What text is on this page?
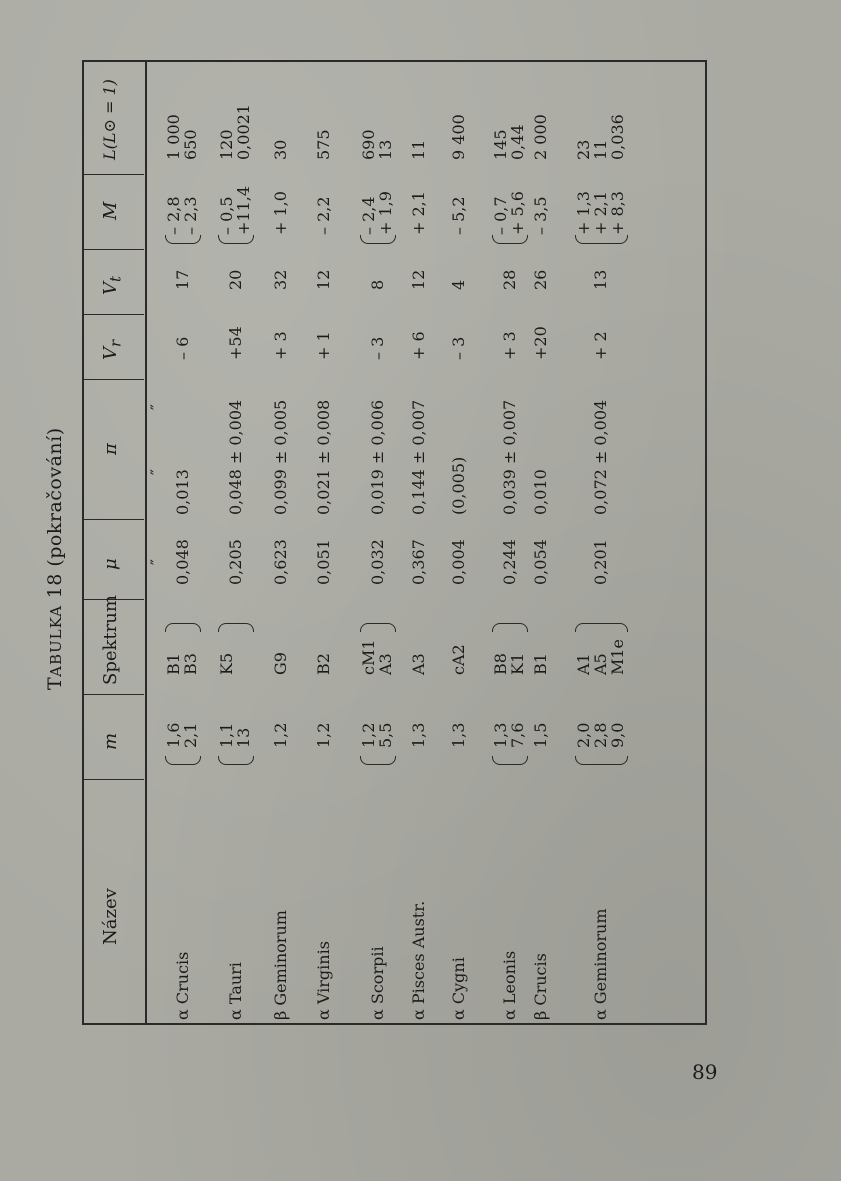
TABULKA 18 (pokračování)
Název
m
Spektrum
μ
π
$V_r$
$V_t$
M
L(L⊙ = 1)
″
″
″
α Crucis
1,6
2,1
B1
B3
0,048
0,013
– 6
17
– 2,8
– 2,3
1 000
650
α Tauri
1,1
13
K5
0,205
0,048 ± 0,004
+54
20
– 0,5
+11,4
120
0,0021
β Geminorum
1,2
G9
0,623
0,099 ± 0,005
+ 3
32
+ 1,0
30
α Virginis
1,2
B2
0,051
0,021 ± 0,008
+ 1
12
– 2,2
575
α Scorpii
1,2
5,5
cM1
A3
0,032
0,019 ± 0,006
– 3
8
– 2,4
+ 1,9
690
13
α Pisces Austr.
1,3
A3
0,367
0,144 ± 0,007
+ 6
12
+ 2,1
11
α Cygni
1,3
cA2
0,004
(0,005)
– 3
4
– 5,2
9 400
α Leonis
1,3
7,6
B8
K1
0,244
0,039 ± 0,007
+ 3
28
– 0,7
+ 5,6
145
0,44
β Crucis
1,5
B1
0,054
0,010
+20
26
– 3,5
2 000
α Geminorum
2,0
2,8
9,0
A1
A5
M1e
0,201
0,072 ± 0,004
+ 2
13
+ 1,3
+ 2,1
+ 8,3
23
11
0,036
89
